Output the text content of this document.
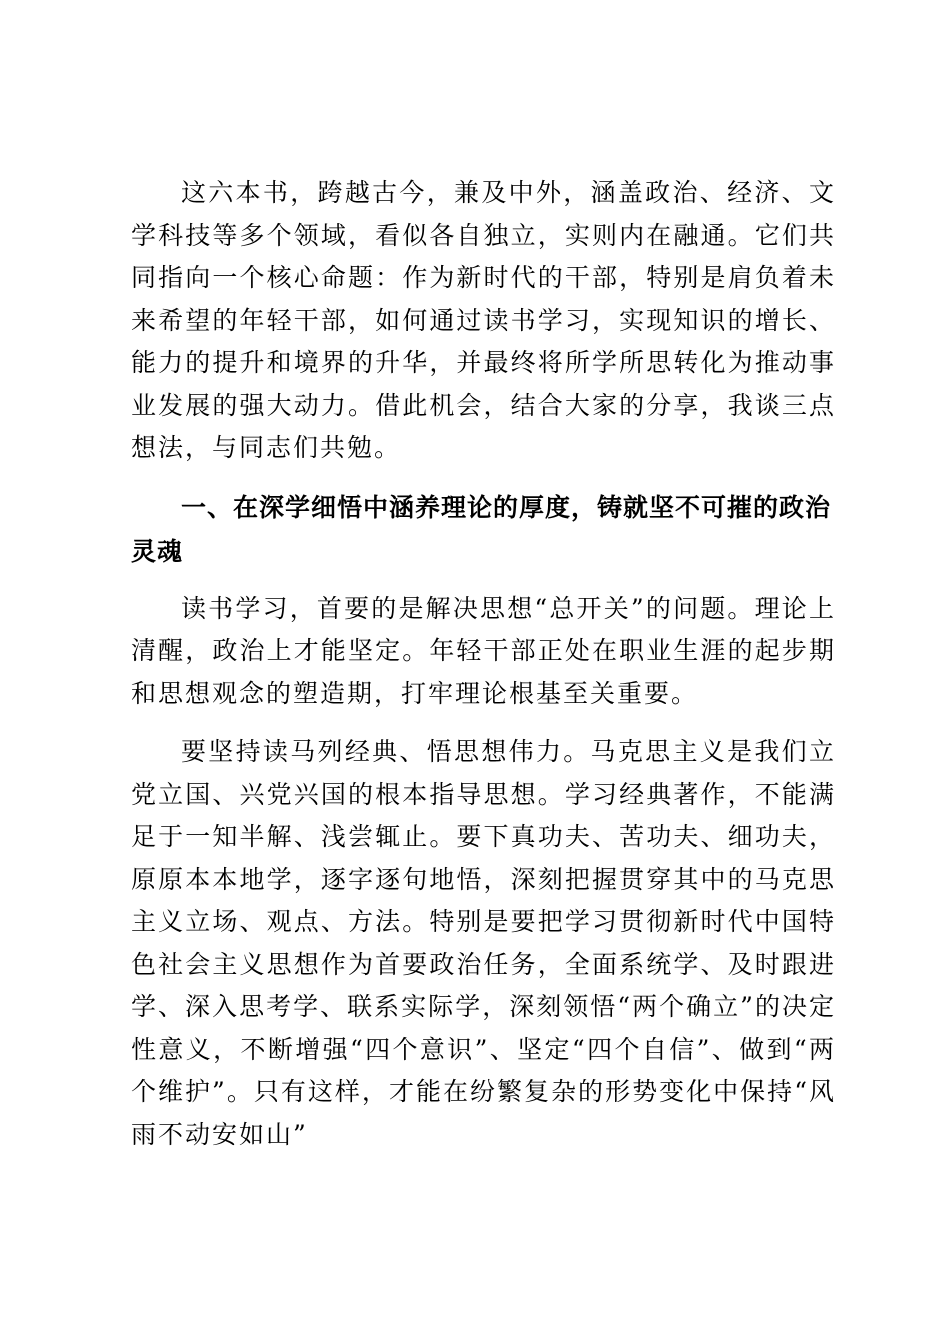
这六本书，跨越古今，兼及中外，涵盖政治、经济、文学科技等多个领域，看似各自独立，实则内在融通。它们共同指向一个核心命题：作为新时代的干部，特别是肩负着未来希望的年轻干部，如何通过读书学习，实现知识的增长、能力的提升和境界的升华，并最终将所学所思转化为推动事业发展的强大动力。借此机会，结合大家的分享，我谈三点想法，与同志们共勉。

一、在深学细悟中涵养理论的厚度，铸就坚不可摧的政治灵魂

读书学习，首要的是解决思想“总开关”的问题。理论上清醒，政治上才能坚定。年轻干部正处在职业生涯的起步期和思想观念的塑造期，打牢理论根基至关重要。

要坚持读马列经典、悟思想伟力。马克思主义是我们立党立国、兴党兴国的根本指导思想。学习经典著作，不能满足于一知半解、浅尝辄止。要下真功夫、苦功夫、细功夫，原原本本地学，逐字逐句地悟，深刻把握贯穿其中的马克思主义立场、观点、方法。特别是要把学习贯彻新时代中国特色社会主义思想作为首要政治任务，全面系统学、及时跟进学、深入思考学、联系实际学，深刻领悟“两个确立”的决定性意义，不断增强“四个意识”、坚定“四个自信”、做到“两个维护”。只有这样，才能在纷繁复杂的形势变化中保持“风雨不动安如山”
